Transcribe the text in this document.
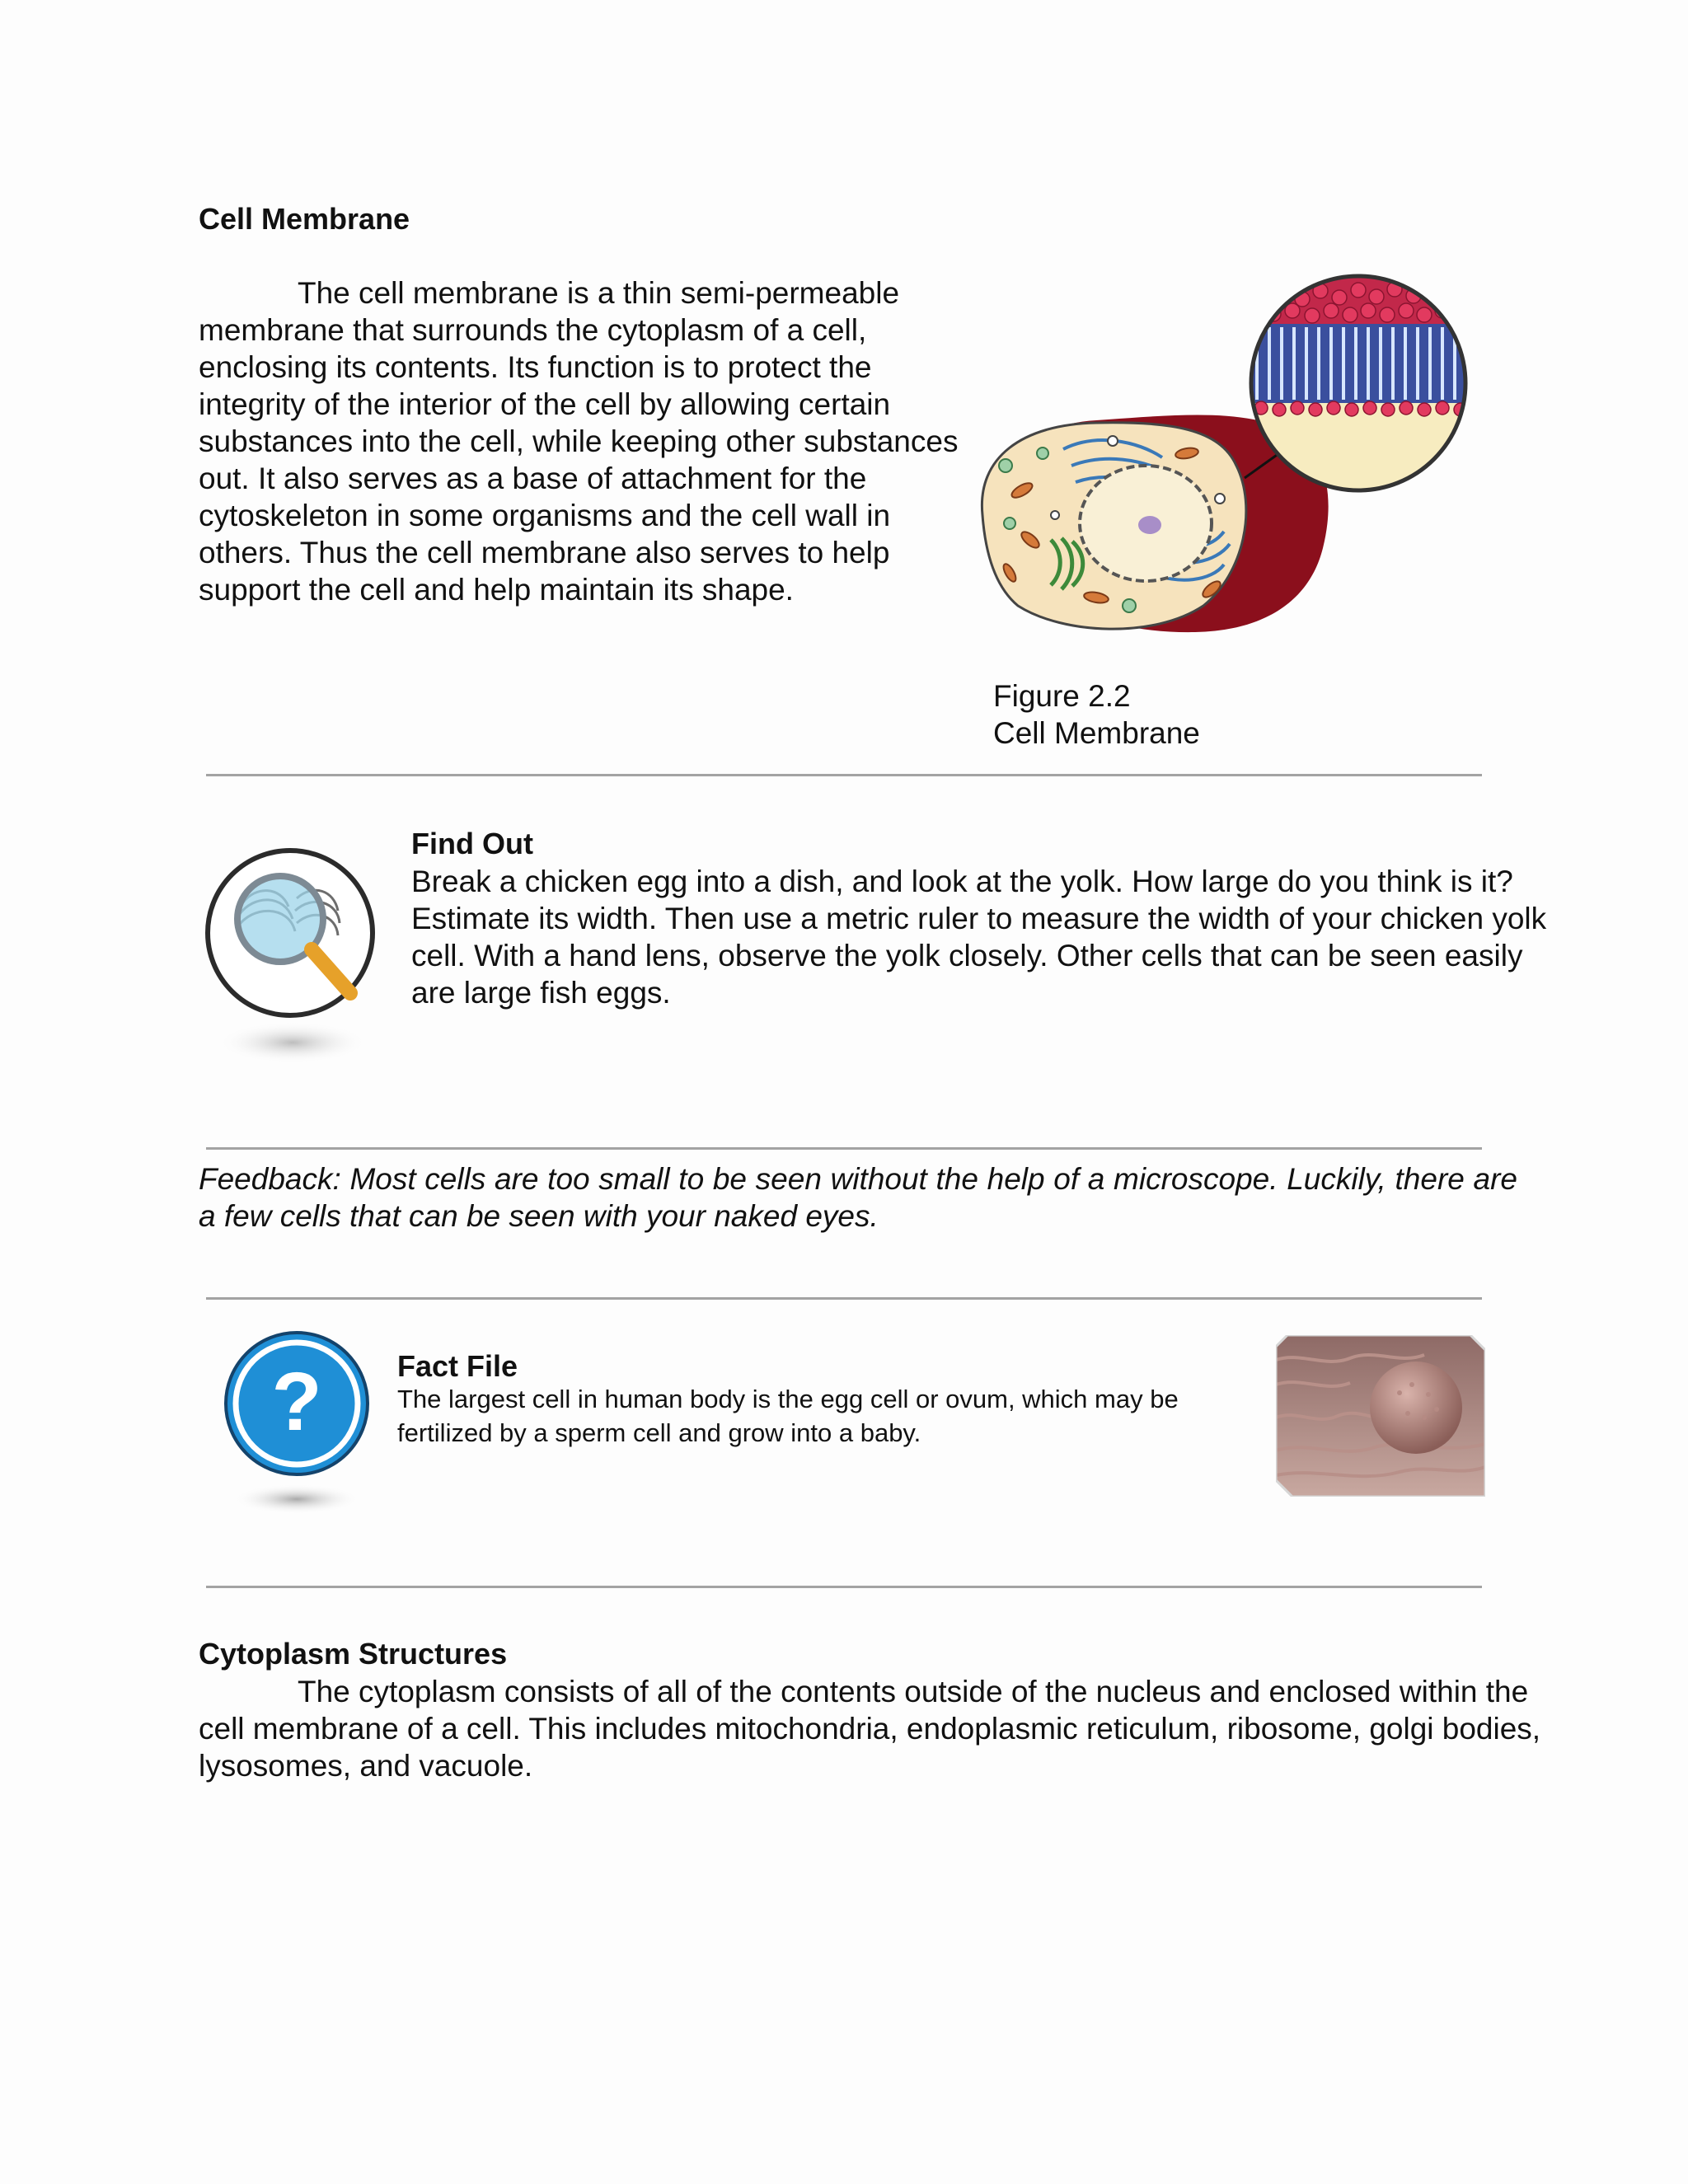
Cell Membrane
The cell membrane is a thin semi-permeable membrane that surrounds the cytoplasm of a cell, enclosing its contents. Its function is to protect the integrity of the interior of the cell by allowing certain substances into the cell, while keeping other substances out. It also serves as a base of attachment for the cytoskeleton in some organisms and the cell wall in others. Thus the cell membrane also serves to help support the cell and help maintain its shape.
Figure 2.2
Cell Membrane
Find Out
Break a chicken egg into a dish, and look at the yolk. How large do you think is it? Estimate its width. Then use a metric ruler to measure the width of your chicken yolk cell. With a hand lens, observe the yolk closely. Other cells that can be seen easily are large fish eggs.
Feedback: Most cells are too small to be seen without the help of a microscope. Luckily, there are a few cells that can be seen with your naked eyes.
?	Fact File
The largest cell in human body is the egg cell or ovum, which may be fertilized by a sperm cell and grow into a baby.
Cytoplasm Structures
The cytoplasm consists of all of the contents outside of the nucleus and enclosed within the cell membrane of a cell. This includes mitochondria, endoplasmic reticulum, ribosome, golgi bodies, lysosomes, and vacuole.
